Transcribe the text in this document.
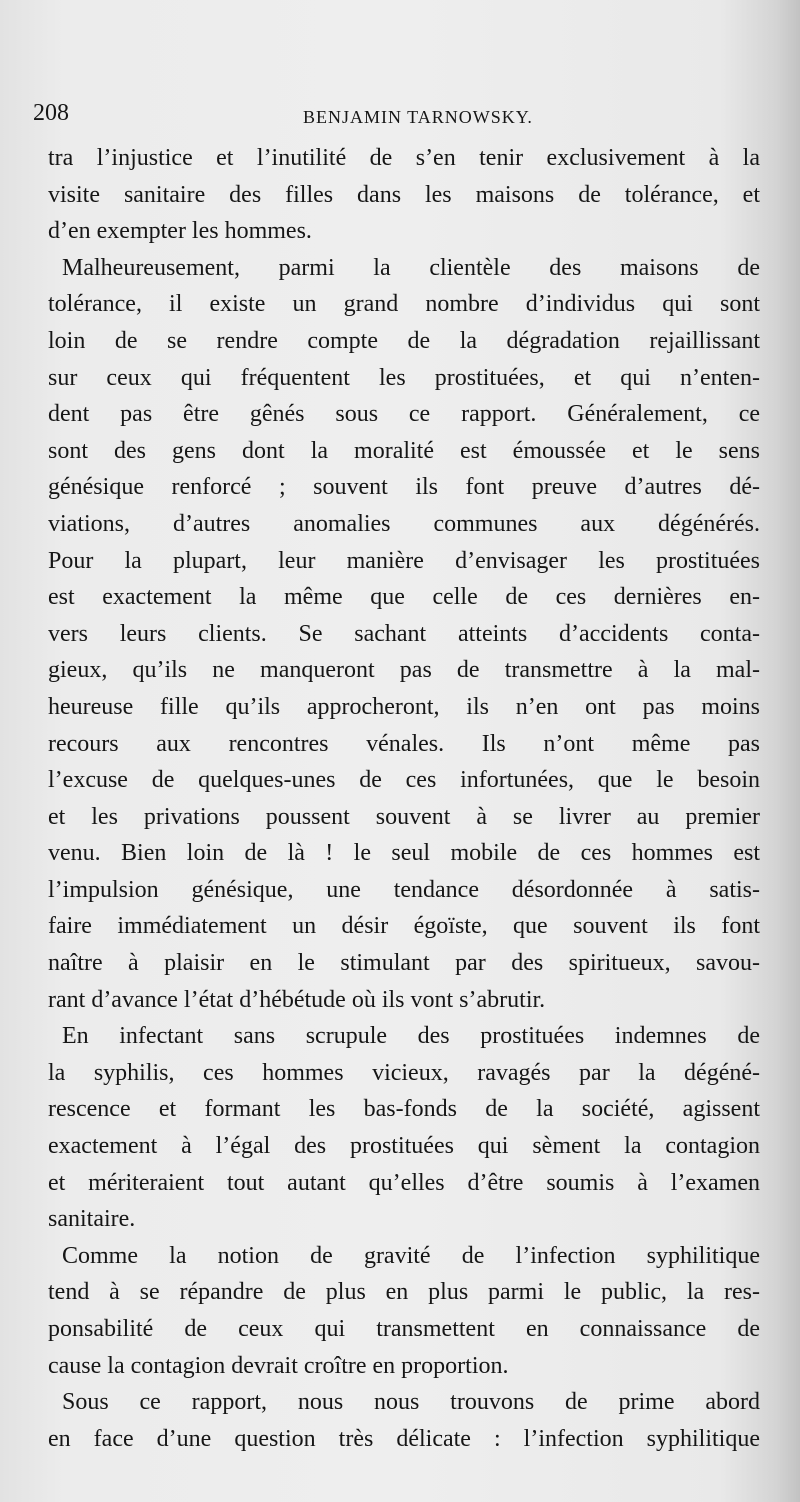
208	BENJAMIN TARNOWSKY.
tra l’injustice et l’inutilité de s’en tenir exclusivement à la
visite sanitaire des filles dans les maisons de tolérance, et
d’en exempter les hommes.
Malheureusement, parmi la clientèle des maisons de
tolérance, il existe un grand nombre d’individus qui sont
loin de se rendre compte de la dégradation rejaillissant
sur ceux qui fréquentent les prostituées, et qui n’enten-
dent pas être gênés sous ce rapport. Généralement, ce
sont des gens dont la moralité est émoussée et le sens
génésique renforcé ; souvent ils font preuve d’autres dé-
viations, d’autres anomalies communes aux dégénérés.
Pour la plupart, leur manière d’envisager les prostituées
est exactement la même que celle de ces dernières en-
vers leurs clients. Se sachant atteints d’accidents conta-
gieux, qu’ils ne manqueront pas de transmettre à la mal-
heureuse fille qu’ils approcheront, ils n’en ont pas moins
recours aux rencontres vénales. Ils n’ont même pas
l’excuse de quelques-unes de ces infortunées, que le besoin
et les privations poussent souvent à se livrer au premier
venu. Bien loin de là ! le seul mobile de ces hommes est
l’impulsion génésique, une tendance désordonnée à satis-
faire immédiatement un désir égoïste, que souvent ils font
naître à plaisir en le stimulant par des spiritueux, savou-
rant d’avance l’état d’hébétude où ils vont s’abrutir.
En infectant sans scrupule des prostituées indemnes de
la syphilis, ces hommes vicieux, ravagés par la dégéné-
rescence et formant les bas-fonds de la société, agissent
exactement à l’égal des prostituées qui sèment la contagion
et mériteraient tout autant qu’elles d’être soumis à l’examen
sanitaire.
Comme la notion de gravité de l’infection syphilitique
tend à se répandre de plus en plus parmi le public, la res-
ponsabilité de ceux qui transmettent en connaissance de
cause la contagion devrait croître en proportion.
Sous ce rapport, nous nous trouvons de prime abord
en face d’une question très délicate : l’infection syphilitique
